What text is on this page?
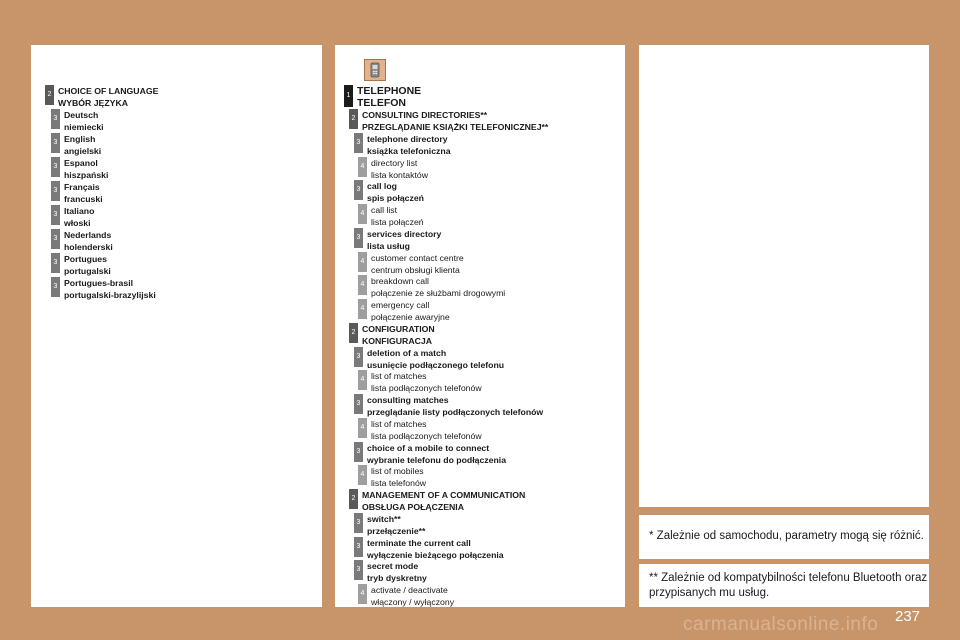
2 CHOICE OF LANGUAGE
WYBÓR JĘZYKA
3 Deutsch
niemiecki
3 English
angielski
3 Espanol
hiszpański
3 Français
francuski
3 Italiano
włoski
3 Nederlands
holenderski
3 Portugues
portugalski
3 Portugues-brasil
portugalski-brazylijski
1 TELEPHONE
TELEFON
2 CONSULTING DIRECTORIES**
PRZEGLĄDANIE KSIĄŻKI TELEFONICZNEJ**
3 telephone directory
książka telefoniczna
4 directory list
lista kontaktów
3 call log
spis połączeń
4 call list
lista połączeń
3 services directory
lista usług
4 customer contact centre
centrum obsługi klienta
4 breakdown call
połączenie ze służbami drogowymi
4 emergency call
połączenie awaryjne
2 CONFIGURATION
KONFIGURACJA
3 deletion of a match
usunięcie podłączonego telefonu
4 list of matches
lista podłączonych telefonów
3 consulting matches
przeglądanie listy podłączonych telefonów
4 list of matches
lista podłączonych telefonów
3 choice of a mobile to connect
wybranie telefonu do podłączenia
4 list of mobiles
lista telefonów
2 MANAGEMENT OF A COMMUNICATION
OBSŁUGA POŁĄCZENIA
3 switch**
przełączenie**
3 terminate the current call
wyłączenie bieżącego połączenia
3 secret mode
tryb dyskretny
4 activate / deactivate
włączony / wyłączony
* Zależnie od samochodu, parametry mogą się różnić.
** Zależnie od kompatybilności telefonu Bluetooth oraz
przypisanych mu usług.
carmanualsonline.info 237
